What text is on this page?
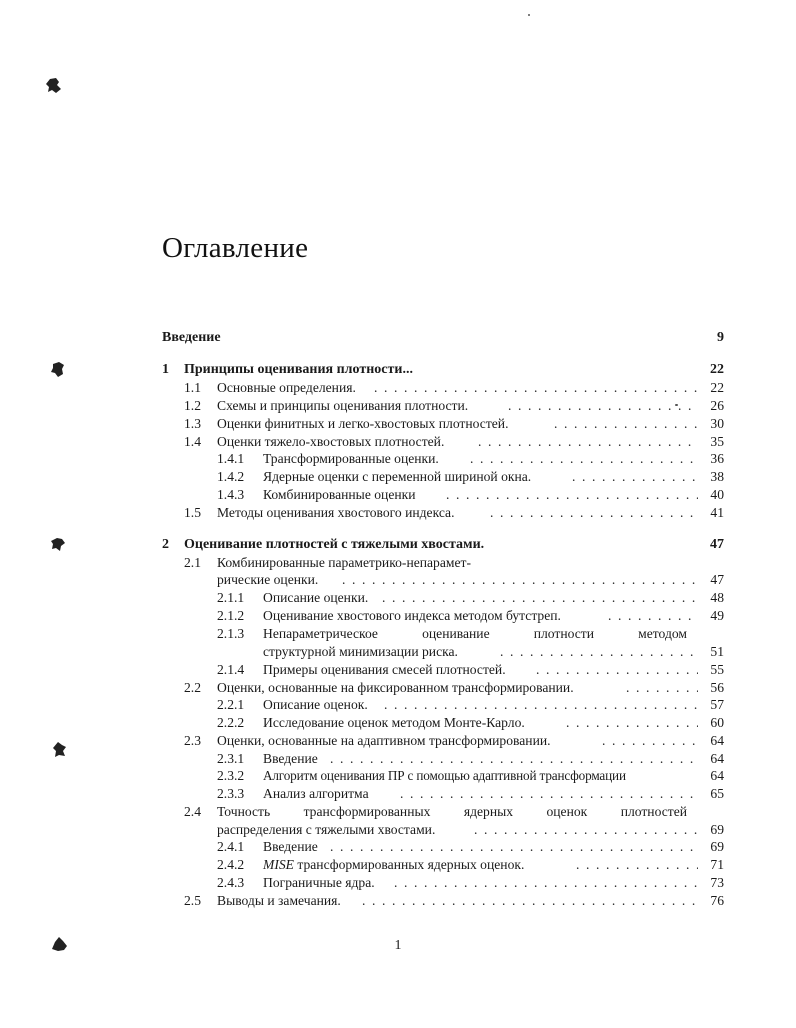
Оглавление
Введение	9
1 Принципы оценивания плотности...	22
1.1 Основные определения. . . .	22
1.2 Схемы и принципы оценивания плотности. . . .	26
1.3 Оценки финитных и легко-хвостовых плотностей. . . .	30
1.4 Оценки тяжело-хвостовых плотностей. . . .	35
1.4.1 Трансформированные оценки. . . .	36
1.4.2 Ядерные оценки с переменной шириной окна. . . .	38
1.4.3 Комбинированные оценки . . .	40
1.5 Методы оценивания хвостового индекса. . . .	41
2 Оценивание плотностей с тяжелыми хвостами.	47
2.1 Комбинированные параметрико-непарамет-
рические оценки. . . .	47
2.1.1 Описание оценки. . . .	48
2.1.2 Оценивание хвостового индекса методом бутстреп. . . .	49
2.1.3 Непараметрическое	оценивание	плотности	методом
структурной минимизации риска. . . .	51
2.1.4 Примеры оценивания смесей плотностей. . . .	55
2.2 Оценки, основанные на фиксированном трансформировании. . . .	56
2.2.1 Описание оценок. . . .	57
2.2.2 Исследование оценок методом Монте-Карло. . . .	60
2.3 Оценки, основанные на адаптивном трансформировании. . . .	64
2.3.1 Введение . . .	64
2.3.2 Алгоритм оценивания ПР с помощью адаптивной трансформации	64
2.3.3 Анализ алгоритма . . .	65
2.4 Точность трансформированных ядерных оценок плотностей
распределения с тяжелыми хвостами. . . .	69
2.4.1 Введение . . .	69
2.4.2 MISE трансформированных ядерных оценок. . . .	71
2.4.3 Пограничные ядра. . . .	73
2.5 Выводы и замечания. . . .	76
1
